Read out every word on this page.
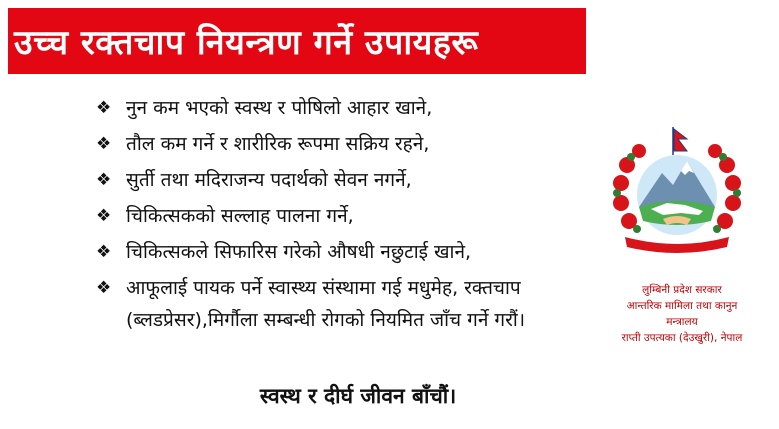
उच्च रक्तचाप नियन्त्रण गर्ने उपायहरू
❖ नुन कम भएको स्वस्थ र पोषिलो आहार खाने,
❖ तौल कम गर्ने र शारीरिक रूपमा सक्रिय रहने,
❖ सुर्ती तथा मदिराजन्य पदार्थको सेवन नगर्ने,
❖ चिकित्सकको सल्लाह पालना गर्ने,
❖ चिकित्सकले सिफारिस गरेको औषधी नछुटाई खाने,
❖ आफूलाई पायक पर्ने स्वास्थ्य संस्थामा गई मधुमेह, रक्तचाप (ब्लडप्रेसर),मिर्गौला सम्बन्धी रोगको नियमित जाँच गर्ने गरौं।
स्वस्थ र दीर्घ जीवन बाँचौं।
लुम्बिनी प्रदेश सरकार
आन्तरिक मामिला तथा कानुन
मन्त्रालय
राप्ती उपत्यका (देउखुरी), नेपाल
